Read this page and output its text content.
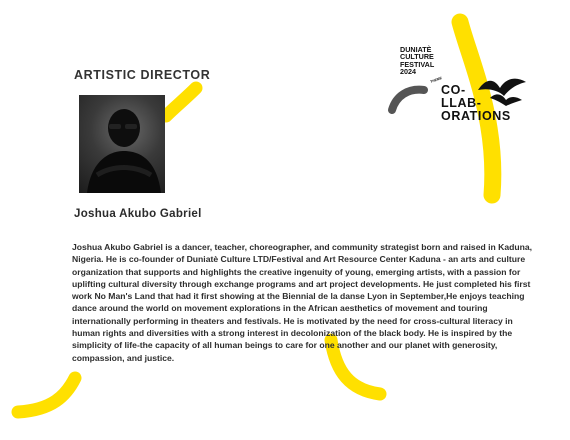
ARTISTIC DIRECTOR
Joshua Akubo Gabriel

Joshua Akubo Gabriel is a dancer, teacher, choreographer, and community strategist born and raised in Kaduna, Nigeria. He is co-founder of Duniatè Culture LTD/Festival and Art Resource Center Kaduna - an arts and culture organization that supports and highlights the creative ingenuity of young, emerging artists, with a passion for uplifting cultural diversity through exchange programs and art project developments. He just completed his first work No Man's Land that had it first showing at the Biennial de la danse Lyon in September,He enjoys teaching dance around the world on movement explorations in the African aesthetics of movement and touring internationally performing in theaters and festivals. He is motivated by the need for cross-cultural literacy in human rights and diversities with a strong interest in decolonization of the black body. He is inspired by the simplicity of life-the capacity of all human beings to care for one another and our planet with generosity, compassion, and justice.

DUNIATÈ
CULTURE
FESTIVAL
2024
THEME
CO-
LLAB-
ORATIONS
